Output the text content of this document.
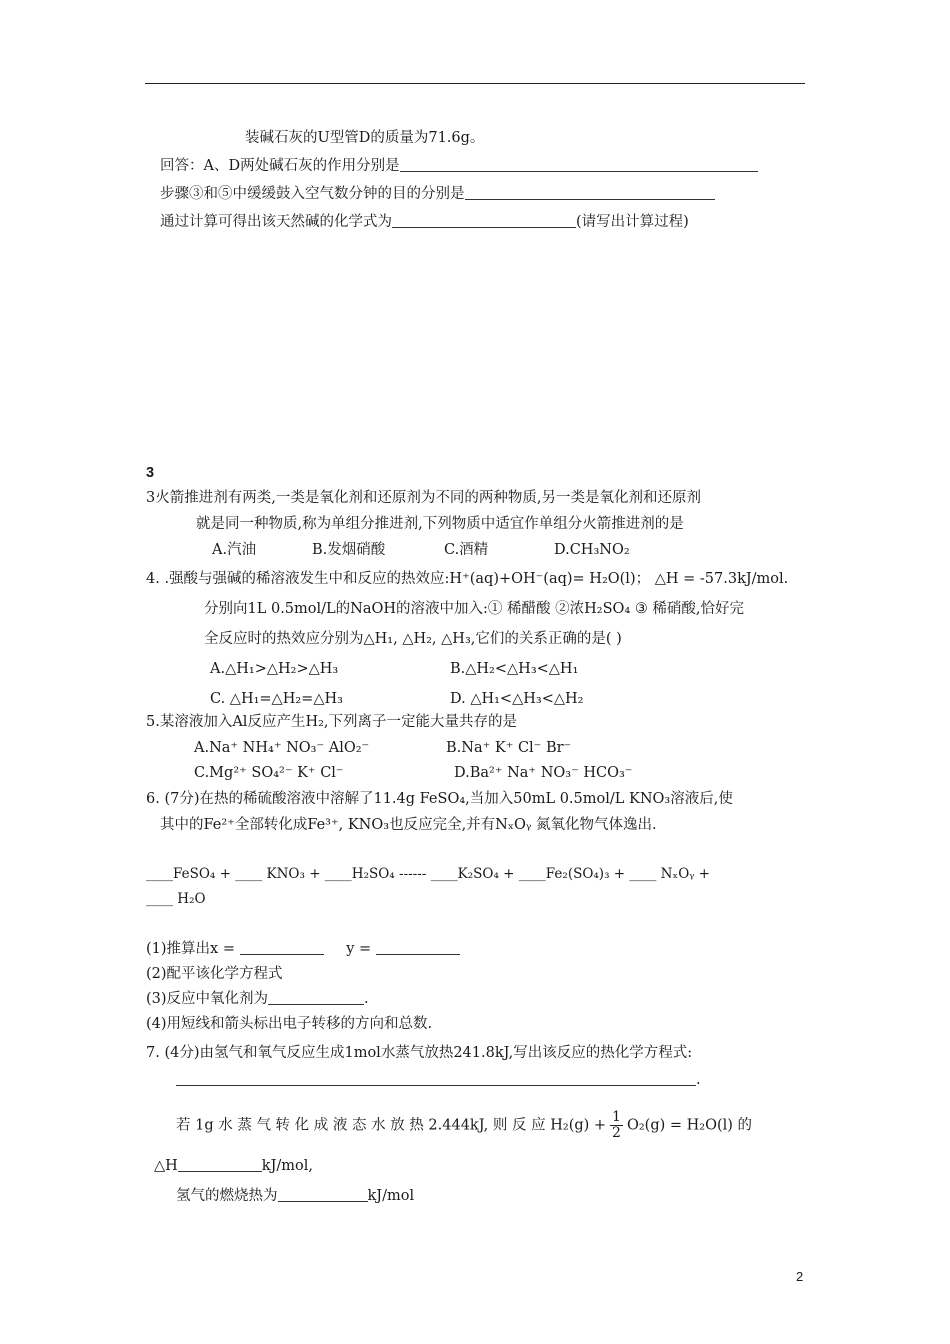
装碱石灰的U型管D的质量为71.6g。
回答：A、D两处碱石灰的作用分别是
步骤③和⑤中缓缓鼓入空气数分钟的目的分别是
通过计算可得出该天然碱的化学式为	(请写出计算过程)
3
3火箭推进剂有两类,一类是氧化剂和还原剂为不同的两种物质,另一类是氧化剂和还原剂
就是同一种物质,称为单组分推进剂,下列物质中适宜作单组分火箭推进剂的是
A.汽油	B.发烟硝酸	C.酒精	D.CH₃NO₂
4. .强酸与强碱的稀溶液发生中和反应的热效应:H⁺(aq)+OH⁻(aq)= H₂O(l)； △H = -57.3kJ/mol.
分别向1L 0.5mol/L的NaOH的溶液中加入:① 稀醋酸 ②浓H₂SO₄ ③ 稀硝酸,恰好完
全反应时的热效应分别为△H₁, △H₂, △H₃,它们的关系正确的是( )
A.△H₁>△H₂>△H₃	B.△H₂<△H₃<△H₁
C. △H₁=△H₂=△H₃	D. △H₁<△H₃<△H₂
5.某溶液加入Al反应产生H₂,下列离子一定能大量共存的是
A.Na⁺ NH₄⁺ NO₃⁻ AlO₂⁻	B.Na⁺ K⁺ Cl⁻ Br⁻
C.Mg²⁺ SO₄²⁻ K⁺ Cl⁻	D.Ba²⁺ Na⁺ NO₃⁻ HCO₃⁻
6. (7分)在热的稀硫酸溶液中溶解了11.4g FeSO₄,当加入50mL 0.5mol/L KNO₃溶液后,使
其中的Fe²⁺全部转化成Fe³⁺, KNO₃也反应完全,并有NₓOᵧ 氮氧化物气体逸出.
____FeSO₄ + ____ KNO₃ + ____H₂SO₄ ------ ____K₂SO₄ + ____Fe₂(SO₄)₃ + ____ NₓOᵧ +
____ H₂O
(1)推算出x =	y =
(2)配平该化学方程式
(3)反应中氧化剂为	.
(4)用短线和箭头标出电子转移的方向和总数.
7. (4分)由氢气和氧气反应生成1mol水蒸气放热241.8kJ,写出该反应的热化学方程式:
.
若 1g 水 蒸 气 转 化 成 液 态 水 放 热 2.444kJ, 则 反 应 $H_2(g) + \frac{1}{2} O_2(g) = H_2O(l)$ 的
△H	kJ/mol,
氢气的燃烧热为	kJ/mol
2
